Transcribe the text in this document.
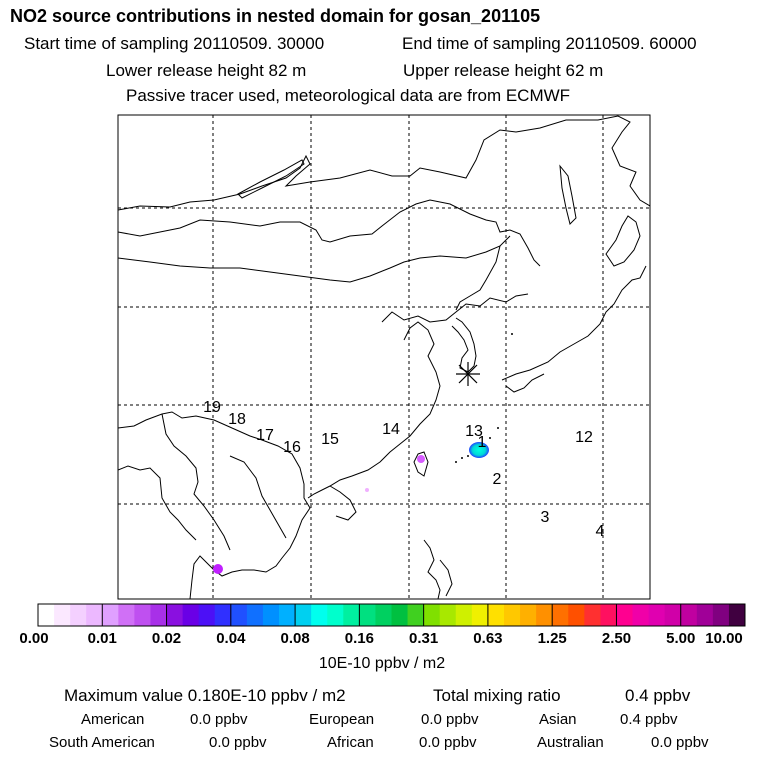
NO2 source contributions in nested domain for gosan_201105
Start time of sampling 20110509. 30000	End time of sampling 20110509. 60000
Lower release height 82 m	Upper release height 62 m
Passive tracer used, meteorological data are from ECMWF
19
18
17
16 15
14	13
1	12
2
3
4
0.00	0.01 0.02 0.04 0.08 0.16 0.31 0.63 1.25 2.50 5.00 10.00
10E-10 ppbv / m2
Maximum value 0.180E-10 ppbv / m2	Total mixing ratio	0.4 ppbv
American	0.0 ppbv	European	0.0 ppbv	Asian	0.4 ppbv
South American	0.0 ppbv	African	0.0 ppbv	Australian	0.0 ppbv
